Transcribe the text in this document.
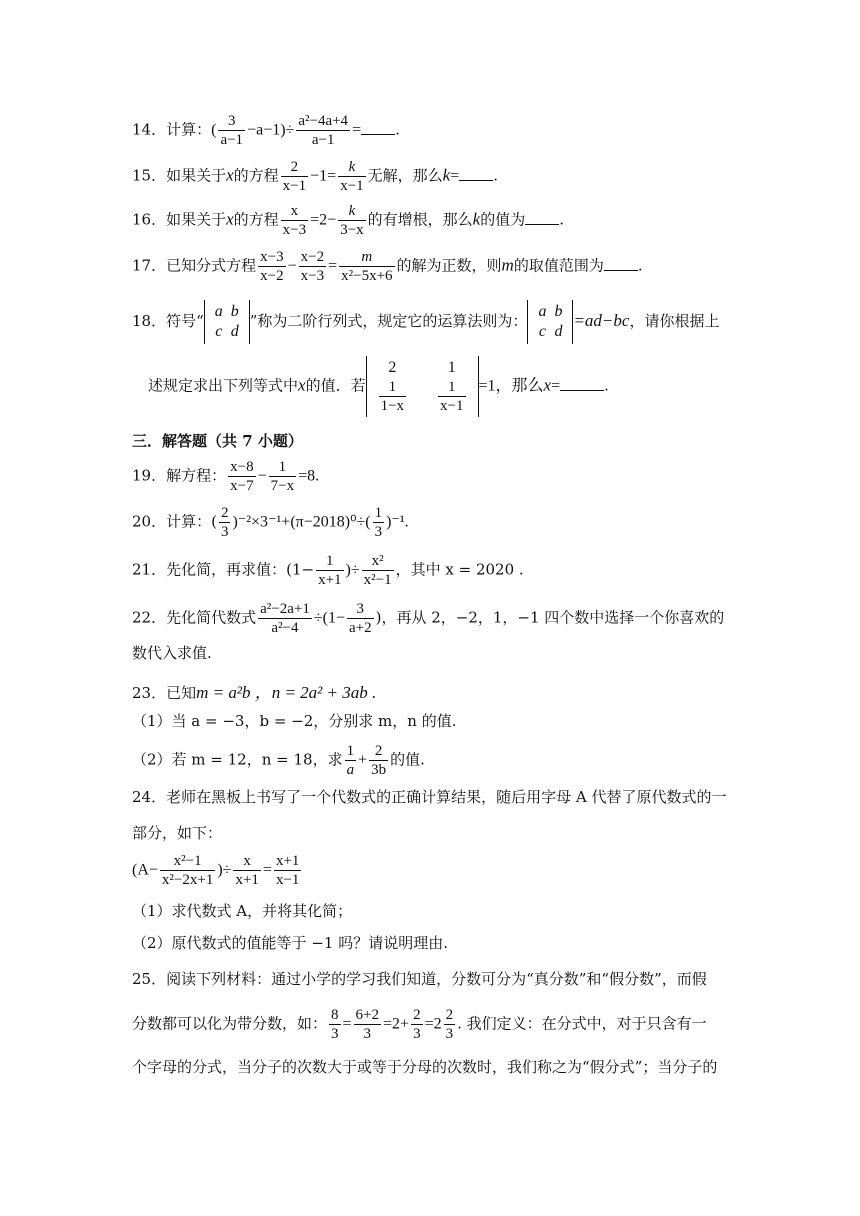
14．计算：( $\frac{3}{a-1} -a-1)\div \frac{\text{a²−4a+4}}{a-1}$ = .
15．如果关于x的方程 $\frac{2}{x-1} -1= \frac{k}{x-1}$ 无解，那么k= .
16．如果关于x的方程 $\frac{x}{x-3} =2- \frac{k}{3-x}$ 的有增根，那么k的值为 .
17．已知分式方程 $\frac{x-3}{x-2} - \frac{x-2}{x-3} = \frac{m}{\text{x²−5x+6}}$ 的解为正数，则m的取值范围为 .
18．符号“
a	b
c	d
”称为二阶行列式，规定它的运算法则为：
a	b
c	d
=ad−bc，请你根据上
述规定求出下列等式中x的值．若
2	1

$\frac{1}{1-x}$	$\frac{1}{x-1} =1$，那么x=	.
三．解答题（共 7 小题）
19．解方程： $\frac{x-8}{x-7} - \frac{1}{7-x} =8$.
20．计算：( $\frac{2}{3} )^{-2}\times 3^{-1}+(\pi-2018)^0\div( \frac{1}{3} )^{-1}$.
21．先化简，再求值：($1- \frac{1}{x+1}$ )÷ $\frac{\text{x²}}{\text{x²−1}}$ ，其中 x = 2020 .
22．先化简代数式 $\frac{\text{a²−2a+1}}{\text{a²−4}} \div(1- \frac{3}{a+2}$ )，再从 2，−2，1，−1 四个数中选择一个你喜欢的
数代入求值.
23．已知m = a²b ，n = 2a² + 3ab .
（1）当 a = −3，b = −2，分别求 m，n 的值.
（2）若 m = 12，n = 18，求 $\frac{1}{a} + \frac{2}{3b}$ 的值.
24．老师在黑板上书写了一个代数式的正确计算结果，随后用字母 A 代替了原代数式的一
部分，如下：
($A- \frac{\text{x²−1}}{\text{x²−2x+1}}$ )÷ $\frac{x}{x+1} = \frac{x+1}{x-1}$
（1）求代数式 A，并将其化简；
（2）原代数式的值能等于 −1 吗？请说明理由.
25．阅读下列材料：通过小学的学习我们知道，分数可分为“真分数”和“假分数”，而假
分数都可以化为带分数，如： $\frac{8}{3} = \frac{6+2}{3} =2+ \frac{2}{3} =2 \frac{2}{3}$ . 我们定义：在分式中，对于只含有一
个字母的分式，当分子的次数大于或等于分母的次数时，我们称之为“假分式”；当分子的
